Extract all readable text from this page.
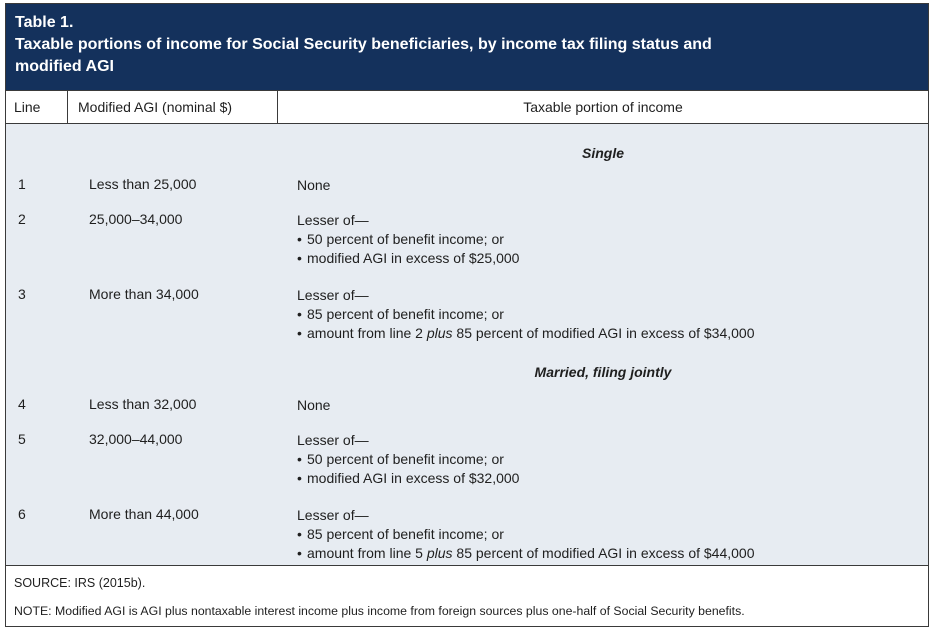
Table 1.
Taxable portions of income for Social Security beneficiaries, by income tax filing status and
modified AGI
Line	Modified AGI (nominal $)	Taxable portion of income
Single
1	Less than 25,000	None
2	25,000–34,000	Lesser of—
• 50 percent of benefit income; or
• modified AGI in excess of $25,000
3	More than 34,000	Lesser of—
• 85 percent of benefit income; or
• amount from line 2 plus 85 percent of modified AGI in excess of $34,000
Married, filing jointly
4	Less than 32,000	None
5	32,000–44,000	Lesser of—
• 50 percent of benefit income; or
• modified AGI in excess of $32,000
6	More than 44,000	Lesser of—
• 85 percent of benefit income; or
• amount from line 5 plus 85 percent of modified AGI in excess of $44,000
SOURCE: IRS (2015b).
NOTE: Modified AGI is AGI plus nontaxable interest income plus income from foreign sources plus one-half of Social Security benefits.
